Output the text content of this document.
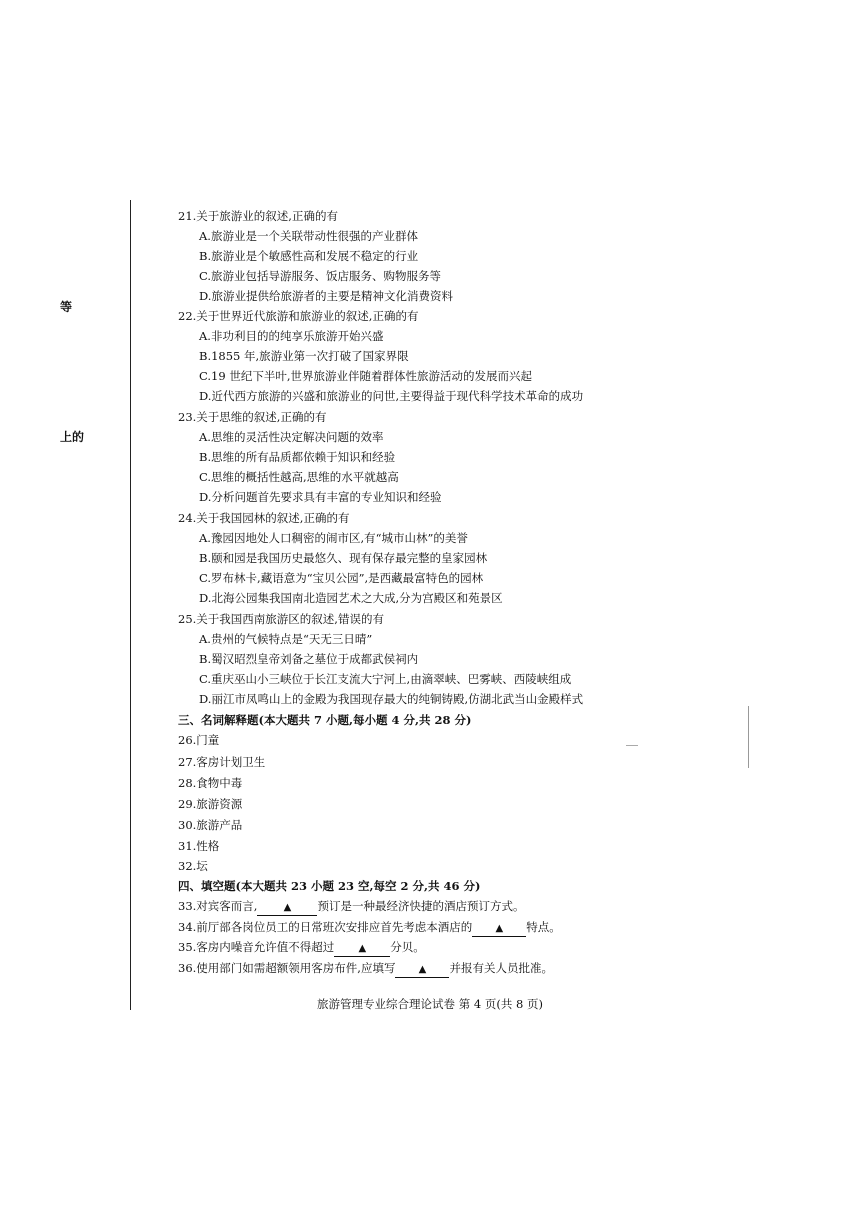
等
上的
21.关于旅游业的叙述,正确的有
A.旅游业是一个关联带动性很强的产业群体
B.旅游业是个敏感性高和发展不稳定的行业
C.旅游业包括导游服务、饭店服务、购物服务等
D.旅游业提供给旅游者的主要是精神文化消费资料
22.关于世界近代旅游和旅游业的叙述,正确的有
A.非功利目的的纯享乐旅游开始兴盛
B.1855 年,旅游业第一次打破了国家界限
C.19 世纪下半叶,世界旅游业伴随着群体性旅游活动的发展而兴起
D.近代西方旅游的兴盛和旅游业的问世,主要得益于现代科学技术革命的成功
23.关于思维的叙述,正确的有
A.思维的灵活性决定解决问题的效率
B.思维的所有品质都依赖于知识和经验
C.思维的概括性越高,思维的水平就越高
D.分析问题首先要求具有丰富的专业知识和经验
24.关于我国园林的叙述,正确的有
A.豫园因地处人口稠密的闹市区,有“城市山林”的美誉
B.颐和园是我国历史最悠久、现有保存最完整的皇家园林
C.罗布林卡,藏语意为“宝贝公园”,是西藏最富特色的园林
D.北海公园集我国南北造园艺术之大成,分为宫殿区和苑景区
25.关于我国西南旅游区的叙述,错误的有
A.贵州的气候特点是“天无三日晴”
B.蜀汉昭烈皇帝刘备之墓位于成都武侯祠内
C.重庆巫山小三峡位于长江支流大宁河上,由滴翠峡、巴雾峡、西陵峡组成
D.丽江市凤鸣山上的金殿为我国现存最大的纯铜铸殿,仿湖北武当山金殿样式
三、名词解释题(本大题共 7 小题,每小题 4 分,共 28 分)
26.门童
27.客房计划卫生
28.食物中毒
29.旅游资源
30.旅游产品
31.性格
32.坛
四、填空题(本大题共 23 小题 23 空,每空 2 分,共 46 分)
33.对宾客而言,	▲ 预订是一种最经济快捷的酒店预订方式。
34.前厅部各岗位员工的日常班次安排应首先考虑本酒店的 ▲ 特点。
35.客房内噪音允许值不得超过 ▲ 分贝。
36.使用部门如需超额领用客房布件,应填写 ▲ 并报有关人员批准。
旅游管理专业综合理论试卷 第 4 页(共 8 页)
